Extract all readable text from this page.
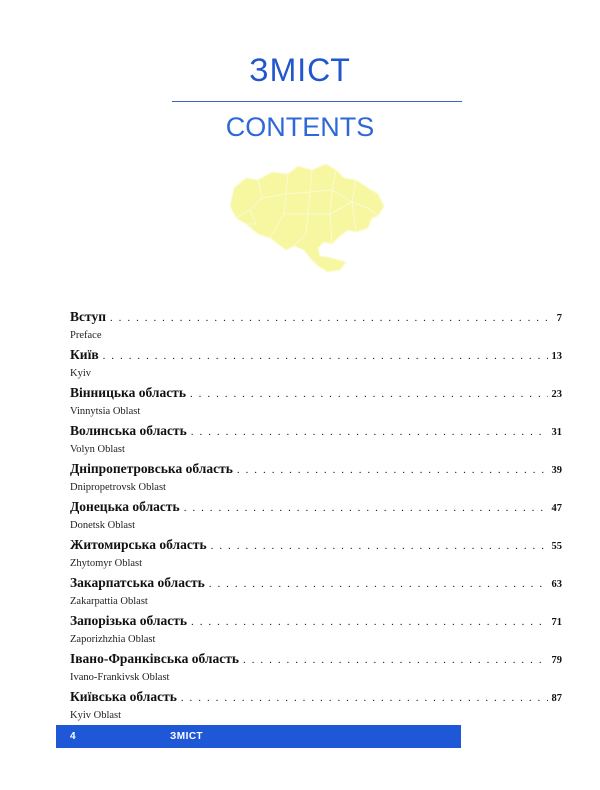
ЗМІСТ
CONTENTS
Вступ . . .	7
Preface
Київ . . .	13
Kyiv
Вінницька область . . .	23
Vinnytsia Oblast
Волинська область . . .	31
Volyn Oblast
Дніпропетровська область . . .	39
Dnipropetrovsk Oblast
Донецька область . . .	47
Donetsk Oblast
Житомирська область . . .	55
Zhytomyr Oblast
Закарпатська область . . .	63
Zakarpattia Oblast
Запорізька область . . .	71
Zaporizhzhia Oblast
Івано-Франківська область . . .	79
Ivano-Frankivsk Oblast
Київська область . . .	87
Kyiv Oblast
4	ЗМІСТ
